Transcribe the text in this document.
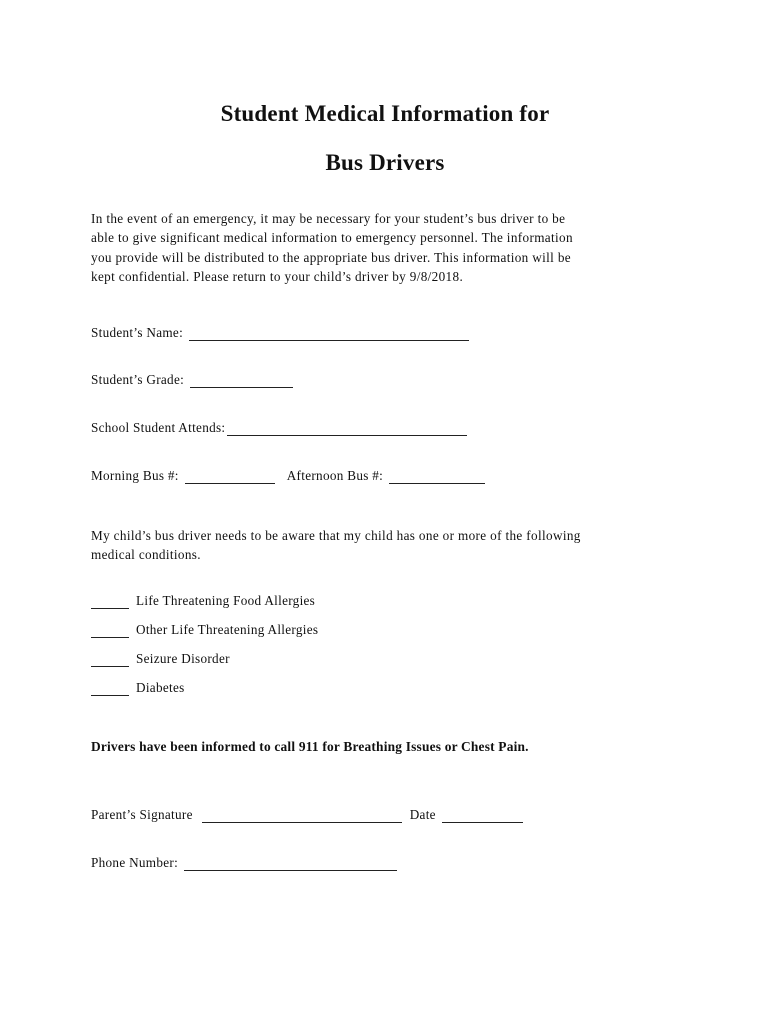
Student Medical Information for
Bus Drivers
In the event of an emergency, it may be necessary for your student’s bus driver to be
able to give significant medical information to emergency personnel. The information
you provide will be distributed to the appropriate bus driver. This information will be
kept confidential. Please return to your child’s driver by 9/8/2018.
Student’s Name:
Student’s Grade:
School Student Attends:
Morning Bus #:	Afternoon Bus #:
My child’s bus driver needs to be aware that my child has one or more of the following
medical conditions.
Life Threatening Food Allergies
Other Life Threatening Allergies
Seizure Disorder
Diabetes
Drivers have been informed to call 911 for Breathing Issues or Chest Pain.
Parent’s Signature	Date
Phone Number:
